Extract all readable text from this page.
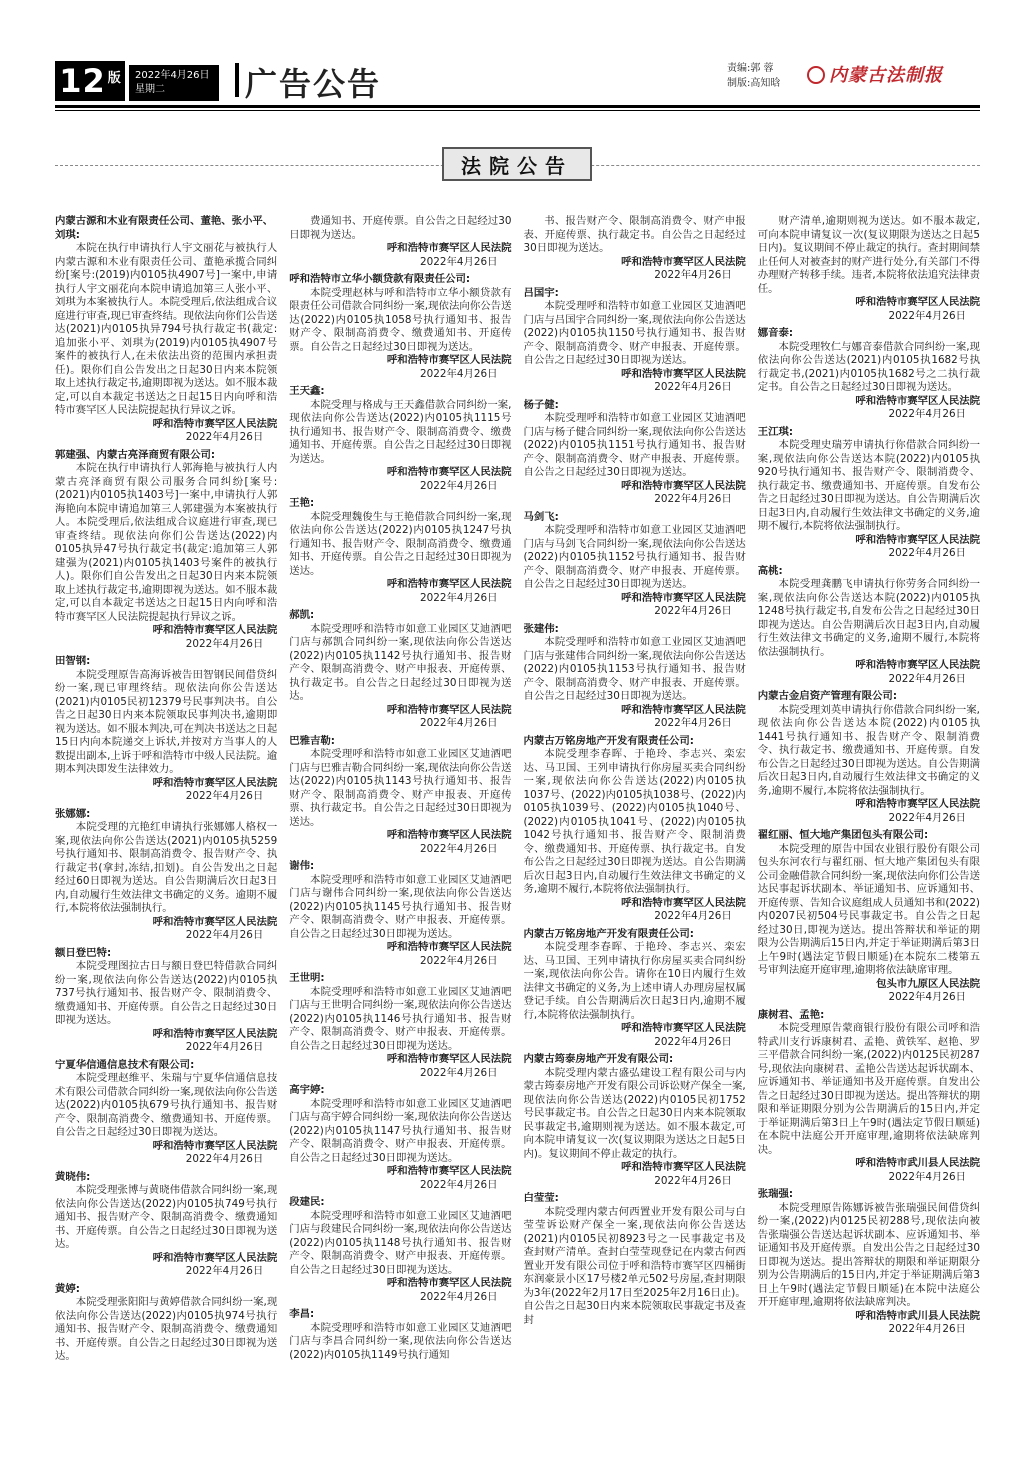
12 版 2022年4月26日
星期二	广告公告	责编:郭 蓉
制版:高知晗	内蒙古法制报
法院公告
内蒙古源和木业有限责任公司、董艳、张小平、刘琪:
本院在执行申请执行人宇文丽花与被执行人内蒙古源和木业有限责任公司、董艳承揽合同纠纷[案号:(2019)内0105执4907号]一案中,申请执行人宇文丽花向本院申请追加第三人张小平、刘琪为本案被执行人。本院受理后,依法组成合议庭进行审查,现已审查终结。现依法向你们公告送达(2021)内0105执异794号执行裁定书(裁定:追加张小平、刘琪为(2019)内0105执4907号案件的被执行人,在未依法出资的范围内承担责任)。限你们自公告发出之日起30日内来本院领取上述执行裁定书,逾期即视为送达。如不服本裁定,可以自本裁定书送达之日起15日内向呼和浩特市赛罕区人民法院提起执行异议之诉。
呼和浩特市赛罕区人民法院
2022年4月26日
郭建强、内蒙古亮泽商贸有限公司:
本院在执行申请执行人郭海艳与被执行人内蒙古亮泽商贸有限公司服务合同纠纷[案号:(2021)内0105执1403号]一案中,申请执行人郭海艳向本院申请追加第三人郭建强为本案被执行人。本院受理后,依法组成合议庭进行审查,现已审查终结。现依法向你们公告送达(2022)内0105执异47号执行裁定书(裁定:追加第三人郭建强为(2021)内0105执1403号案件的被执行人)。限你们自公告发出之日起30日内来本院领取上述执行裁定书,逾期即视为送达。如不服本裁定,可以自本裁定书送达之日起15日内向呼和浩特市赛罕区人民法院提起执行异议之诉。
呼和浩特市赛罕区人民法院
2022年4月26日
田智钢:
本院受理原告高海诉被告田智钢民间借贷纠纷一案,现已审理终结。现依法向你公告送达(2021)内0105民初12379号民事判决书。自公告之日起30日内来本院领取民事判决书,逾期即视为送达。如不服本判决,可在判决书送达之日起15日内向本院递交上诉状,并按对方当事人的人数提出副本,上诉于呼和浩特市中级人民法院。逾期本判决即发生法律效力。
呼和浩特市赛罕区人民法院
2022年4月26日
张娜娜:
本院受理的亢艳红申请执行张娜娜人格权一案,现依法向你公告送达(2021)内0105执5259号执行通知书、限制高消费令、报告财产令、执行裁定书(拿封,冻结,扣划)。自公告发出之日起经过60日即视为送达。自公告期满后次日起3日内,自动履行生效法律文书确定的义务。逾期不履行,本院将依法强制执行。
呼和浩特市赛罕区人民法院
2022年4月26日
额日登巴特:
本院受理图拉古日与额日登巴特借款合同纠纷一案,现依法向你公告送达(2022)内0105执737号执行通知书、报告财产令、限制消费令、缴费通知书、开庭传票。自公告之日起经过30日即视为送达。
呼和浩特市赛罕区人民法院
2022年4月26日
宁夏华信通信息技术有限公司:
本院受理赵维平、朱瑞与宁夏华信通信息技术有限公司借款合同纠纷一案,现依法向你公告送达(2022)内0105执679号执行通知书、报告财产令、限制高消费令、缴费通知书、开庭传票。自公告之日起经过30日即视为送达。
呼和浩特市赛罕区人民法院
2022年4月26日
黄晓伟:
本院受理张博与黄晓伟借款合同纠纷一案,现依法向你公告送达(2022)内0105执749号执行通知书、报告财产令、限制高消费令、缴费通知书、开庭传票。自公告之日起经过30日即视为送达。
呼和浩特市赛罕区人民法院
2022年4月26日
黄婷:
本院受理张阳阳与黄婷借款合同纠纷一案,现依法向你公告送达(2022)内0105执974号执行通知书、报告财产令、限制高消费令、缴费通知书、开庭传票。自公告之日起经过30日即视为送达。
费通知书、开庭传票。自公告之日起经过30日即视为送达。
呼和浩特市赛罕区人民法院
2022年4月26日
呼和浩特市立华小额贷款有限责任公司:
本院受理赵林与呼和浩特市立华小额贷款有限责任公司借款合同纠纷一案,现依法向你公告送达(2022)内0105执1058号执行通知书、报告财产令、限制高消费令、缴费通知书、开庭传票。自公告之日起经过30日即视为送达。
呼和浩特市赛罕区人民法院
2022年4月26日
王天鑫:
本院受理与格成与王天鑫借款合同纠纷一案,现依法向你公告送达(2022)内0105执1115号执行通知书、报告财产令、限制高消费令、缴费通知书、开庭传票。自公告之日起经过30日即视为送达。
呼和浩特市赛罕区人民法院
2022年4月26日
王艳:
本院受理魏俊生与王艳借款合同纠纷一案,现依法向你公告送达(2022)内0105执1247号执行通知书、报告财产令、限制高消费令、缴费通知书、开庭传票。自公告之日起经过30日即视为送达。
呼和浩特市赛罕区人民法院
2022年4月26日
郝凯:
本院受理呼和浩特市如意工业园区艾迪酒吧门店与郝凯合同纠纷一案,现依法向你公告送达(2022)内0105执1142号执行通知书、报告财产令、限制高消费令、财产申报表、开庭传票、执行裁定书。自公告之日起经过30日即视为送达。
呼和浩特市赛罕区人民法院
2022年4月26日
巴雅吉勒:
本院受理呼和浩特市如意工业园区艾迪酒吧门店与巴雅吉勒合同纠纷一案,现依法向你公告送达(2022)内0105执1143号执行通知书、报告财产令、限制高消费令、财产申报表、开庭传票、执行裁定书。自公告之日起经过30日即视为送达。
呼和浩特市赛罕区人民法院
2022年4月26日
谢伟:
本院受理呼和浩特市如意工业园区艾迪酒吧门店与谢伟合同纠纷一案,现依法向你公告送达(2022)内0105执1145号执行通知书、报告财产令、限制高消费令、财产申报表、开庭传票。自公告之日起经过30日即视为送达。
呼和浩特市赛罕区人民法院
2022年4月26日
王世明:
本院受理呼和浩特市如意工业园区艾迪酒吧门店与王世明合同纠纷一案,现依法向你公告送达(2022)内0105执1146号执行通知书、报告财产令、限制高消费令、财产申报表、开庭传票。自公告之日起经过30日即视为送达。
呼和浩特市赛罕区人民法院
2022年4月26日
高宇婷:
本院受理呼和浩特市如意工业园区艾迪酒吧门店与高宇婷合同纠纷一案,现依法向你公告送达(2022)内0105执1147号执行通知书、报告财产令、限制高消费令、财产申报表、开庭传票。自公告之日起经过30日即视为送达。
呼和浩特市赛罕区人民法院
2022年4月26日
段建民:
本院受理呼和浩特市如意工业园区艾迪酒吧门店与段建民合同纠纷一案,现依法向你公告送达(2022)内0105执1148号执行通知书、报告财产令、限制高消费令、财产申报表、开庭传票。自公告之日起经过30日即视为送达。
呼和浩特市赛罕区人民法院
2022年4月26日
李昌:
本院受理呼和浩特市如意工业园区艾迪酒吧门店与李昌合同纠纷一案,现依法向你公告送达(2022)内0105执1149号执行通知
书、报告财产令、限制高消费令、财产申报表、开庭传票、执行裁定书。自公告之日起经过30日即视为送达。
呼和浩特市赛罕区人民法院
2022年4月26日
吕国宇:
本院受理呼和浩特市如意工业园区艾迪酒吧门店与吕国宇合同纠纷一案,现依法向你公告送达(2022)内0105执1150号执行通知书、报告财产令、限制高消费令、财产申报表、开庭传票。自公告之日起经过30日即视为送达。
呼和浩特市赛罕区人民法院
2022年4月26日
杨子健:
本院受理呼和浩特市如意工业园区艾迪酒吧门店与杨子健合同纠纷一案,现依法向你公告送达(2022)内0105执1151号执行通知书、报告财产令、限制高消费令、财产申报表、开庭传票。自公告之日起经过30日即视为送达。
呼和浩特市赛罕区人民法院
2022年4月26日
马剑飞:
本院受理呼和浩特市如意工业园区艾迪酒吧门店与马剑飞合同纠纷一案,现依法向你公告送达(2022)内0105执1152号执行通知书、报告财产令、限制高消费令、财产申报表、开庭传票。自公告之日起经过30日即视为送达。
呼和浩特市赛罕区人民法院
2022年4月26日
张建伟:
本院受理呼和浩特市如意工业园区艾迪酒吧门店与张建伟合同纠纷一案,现依法向你公告送达(2022)内0105执1153号执行通知书、报告财产令、限制高消费令、财产申报表、开庭传票。自公告之日起经过30日即视为送达。
呼和浩特市赛罕区人民法院
2022年4月26日
内蒙古万铭房地产开发有限责任公司:
本院受理李春晖、于艳玲、李志兴、栾宏达、马卫国、王列申请执行你房屋买卖合同纠纷一案,现依法向你公告送达(2022)内0105执1037号、(2022)内0105执1038号、(2022)内0105执1039号、(2022)内0105执1040号、(2022)内0105执1041号、(2022)内0105执1042号执行通知书、报告财产令、限制消费令、缴费通知书、开庭传票、执行裁定书。自发布公告之日起经过30日即视为送达。自公告期满后次日起3日内,自动履行生效法律文书确定的义务,逾期不履行,本院将依法强制执行。
呼和浩特市赛罕区人民法院
2022年4月26日
内蒙古万铭房地产开发有限责任公司:
本院受理李春晖、于艳玲、李志兴、栾宏达、马卫国、王列申请执行你房屋买卖合同纠纷一案,现依法向你公告。请你在10日内履行生效法律文书确定的义务,为上述申请人办理房屋权属登记手续。自公告期满后次日起3日内,逾期不履行,本院将依法强制执行。
呼和浩特市赛罕区人民法院
2022年4月26日
内蒙古筠泰房地产开发有限公司:
本院受理内蒙古盛弘建设工程有限公司与内蒙古筠泰房地产开发有限公司诉讼财产保全一案,现依法向你公告送达(2022)内0105民初1752号民事裁定书。自公告之日起30日内来本院领取民事裁定书,逾期则视为送达。如不服本裁定,可向本院申请复议一次(复议期限为送达之日起5日内)。复议期间不停止裁定的执行。
呼和浩特市赛罕区人民法院
2022年4月26日
白莹莹:
本院受理内蒙古何西置业开发有限公司与白莹莹诉讼财产保全一案,现依法向你公告送达(2021)内0105民初8923号之一民事裁定书及查封财产清单。查封白莹莹现登记在内蒙古何西置业开发有限公司位于呼和浩特市赛罕区四桶街东润豪景小区17号楼2单元502号房屋,查封期限为3年(2022年2月17日至2025年2月16日止)。自公告之日起30日内来本院领取民事裁定书及查封
财产清单,逾期则视为送达。如不服本裁定,可向本院申请复议一次(复议期限为送达之日起5日内)。复议期间不停止裁定的执行。查封期间禁止任何人对被查封的财产进行处分,有关部门不得办理财产转移手续。违者,本院将依法追究法律责任。
呼和浩特市赛罕区人民法院
2022年4月26日
娜音泰:
本院受理牧仁与娜音泰借款合同纠纷一案,现依法向你公告送达(2021)内0105执1682号执行裁定书,(2021)内0105执1682号之二执行裁定书。自公告之日起经过30日即视为送达。
呼和浩特市赛罕区人民法院
2022年4月26日
王江琪:
本院受理史瑞芳申请执行你借款合同纠纷一案,现依法向你公告送达本院(2022)内0105执920号执行通知书、报告财产令、限制消费令、执行裁定书、缴费通知书、开庭传票。自发布公告之日起经过30日即视为送达。自公告期满后次日起3日内,自动履行生效法律文书确定的义务,逾期不履行,本院将依法强制执行。
呼和浩特市赛罕区人民法院
2022年4月26日
高桃:
本院受理龚鹏飞申请执行你劳务合同纠纷一案,现依法向你公告送达本院(2022)内0105执1248号执行裁定书,自发布公告之日起经过30日即视为送达。自公告期满后次日起3日内,自动履行生效法律文书确定的义务,逾期不履行,本院将依法强制执行。
呼和浩特市赛罕区人民法院
2022年4月26日
内蒙古金启资产管理有限公司:
本院受理刘英申请执行你借款合同纠纷一案,现依法向你公告送达本院(2022)内0105执1441号执行通知书、报告财产令、限制消费令、执行裁定书、缴费通知书、开庭传票。自发布公告之日起经过30日即视为送达。自公告期满后次日起3日内,自动履行生效法律文书确定的义务,逾期不履行,本院将依法强制执行。
呼和浩特市赛罕区人民法院
2022年4月26日
翟红丽、恒大地产集团包头有限公司:
本院受理的原告中国农业银行股份有限公司包头东河农行与翟红丽、恒大地产集团包头有限公司金融借款合同纠纷一案,现依法向你们公告送达民事起诉状副本、举证通知书、应诉通知书、开庭传票、告知合议庭组成人员通知书和(2022)内0207民初504号民事裁定书。自公告之日起经过30日,即视为送达。提出答辩状和举证的期限为公告期满后15日内,并定于举证期满后第3日上午9时(遇法定节假日顺延)在本院东二楼第五号审判法庭开庭审理,逾期将依法缺席审理。
包头市九原区人民法院
2022年4月26日
康树君、孟艳:
本院受理原告蒙商银行股份有限公司呼和浩特武川支行诉康树君、孟艳、黄铁军、赵艳、罗三平借款合同纠纷一案,(2022)内0125民初287号,现依法向康树君、孟艳公告送达起诉状副本、应诉通知书、举证通知书及开庭传票。自发出公告之日起经过30日即视为送达。提出答辩状的期限和举证期限分别为公告期满后的15日内,并定于举证期满后第3日上午9时(遇法定节假日顺延)在本院中法庭公开开庭审理,逾期将依法缺席判决。
呼和浩特市武川县人民法院
2022年4月26日
张瑞强:
本院受理原告陈娜诉被告张瑞强民间借贷纠纷一案,(2022)内0125民初288号,现依法向被告张瑞强公告送达起诉状副本、应诉通知书、举证通知书及开庭传票。自发出公告之日起经过30日即视为送达。提出答辩状的期限和举证期限分别为公告期满后的15日内,并定于举证期满后第3日上午9时(遇法定节假日顺延)在本院中法庭公开开庭审理,逾期将依法缺席判决。
呼和浩特市武川县人民法院
2022年4月26日
